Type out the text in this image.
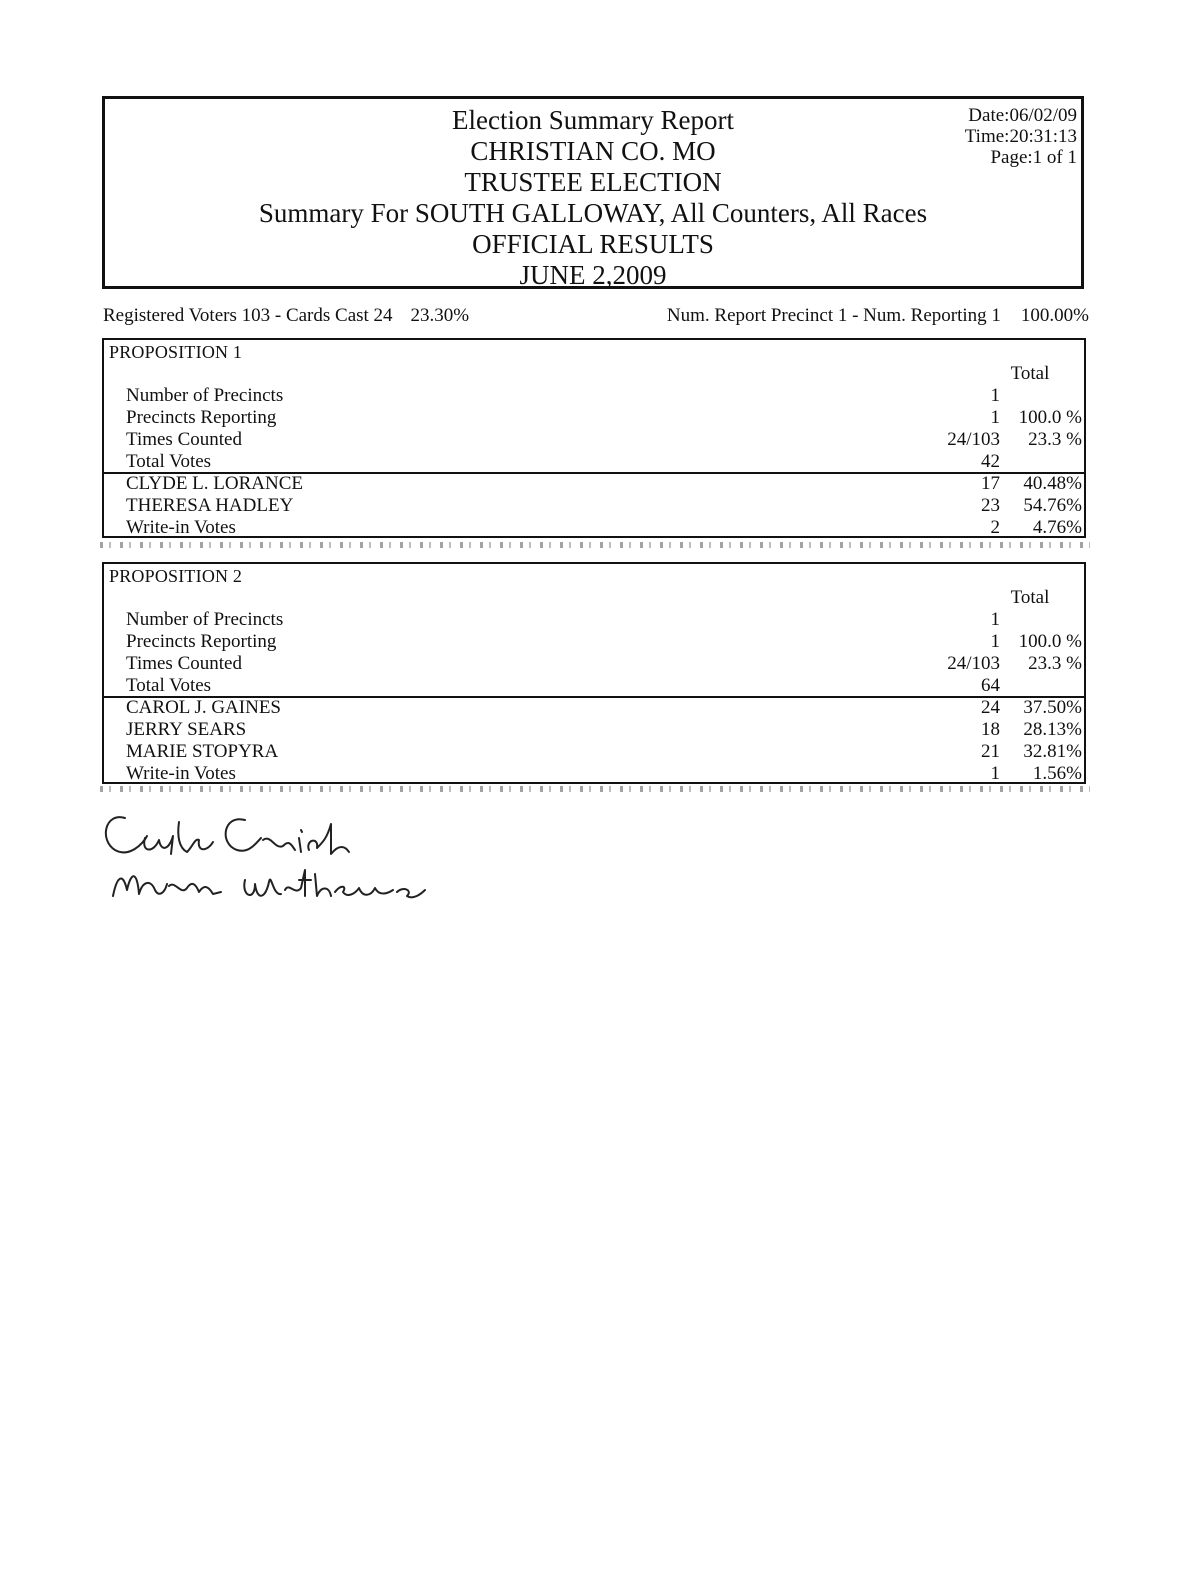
Election Summary Report
CHRISTIAN CO. MO
TRUSTEE ELECTION
Summary For SOUTH GALLOWAY, All Counters, All Races
OFFICIAL RESULTS
JUNE 2,2009
Date:06/02/09
Time:20:31:13
Page:1 of 1
Registered Voters 103 - Cards Cast 24 23.30%	Num. Report Precinct 1 - Num. Reporting 1 100.00%
PROPOSITION 1
Total
Number of Precincts	1
Precincts Reporting	1 100.0 %
Times Counted	24/103 23.3 %
Total Votes	42
CLYDE L. LORANCE	17 40.48%
THERESA HADLEY	23 54.76%
Write-in Votes	2 4.76%
PROPOSITION 2
Total
Number of Precincts	1
Precincts Reporting	1 100.0 %
Times Counted	24/103 23.3 %
Total Votes	64
CAROL J. GAINES	24 37.50%
JERRY SEARS	18 28.13%
MARIE STOPYRA	21 32.81%
Write-in Votes	1 1.56%
